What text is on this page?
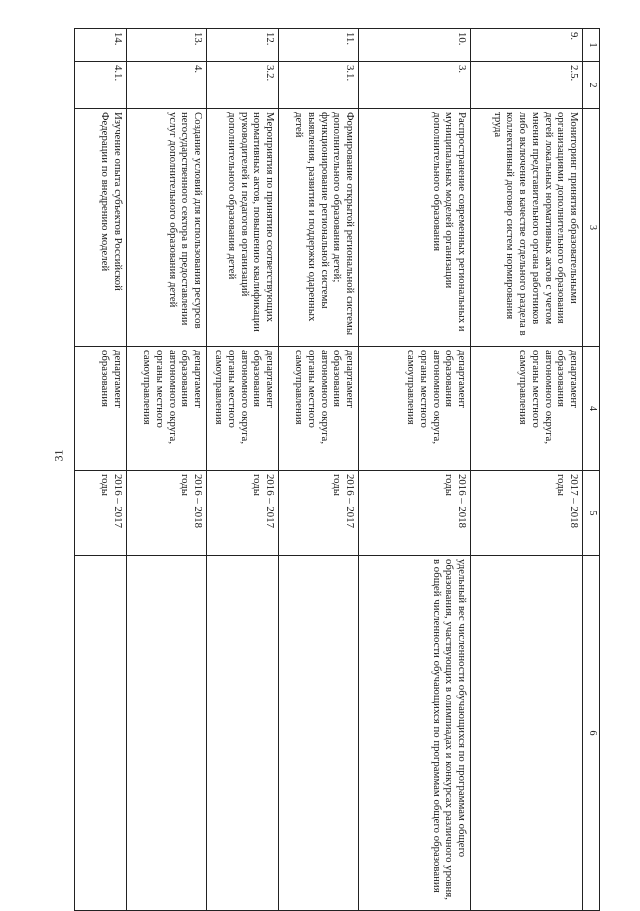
31
1	2	3	4	5	6
9.	2.5.	Мониторинг принятия образовательными организациями дополнительного образования детей локальных нормативных актов с учетом мнения представительного органа работников либо включение в качестве отдельного раздела в коллективный договор систем нормирования труда	департамент образования автономного округа, органы местного самоуправления	2017 – 2018 годы	
10.	3.	Распространение современных региональных и муниципальных моделей организации дополнительного образования	департамент образования автономного округа, органы местного самоуправления	2016 – 2018 годы	удельный вес численности обучающихся по программам общего образования, участвующих в олимпиадах и конкурсах различного уровня,
в общей численности обучающихся по программам общего образования
11.	3.1.	Формирование открытой региональной системы дополнительного образования детей; функционирование региональной системы выявления, развития и поддержки одаренных детей	департамент образования автономного округа, органы местного самоуправления	2016 – 2017 годы	
12.	3.2.	Мероприятия по принятию соответствующих нормативных актов, повышению квалификации руководителей и педагогов организаций дополнительного образования детей	департамент образования автономного округа, органы местного самоуправления	2016 – 2017 годы	
13.	4.	Создание условий для использования ресурсов негосударственного сектора в предоставлении услуг дополнительного образования детей	департамент образования автономного округа, органы местного самоуправления	2016 – 2018 годы	
14.	4.1.	Изучение опыта субъектов Российской Федерации по внедрению моделей	департамент образования	2016 – 2017 годы	
